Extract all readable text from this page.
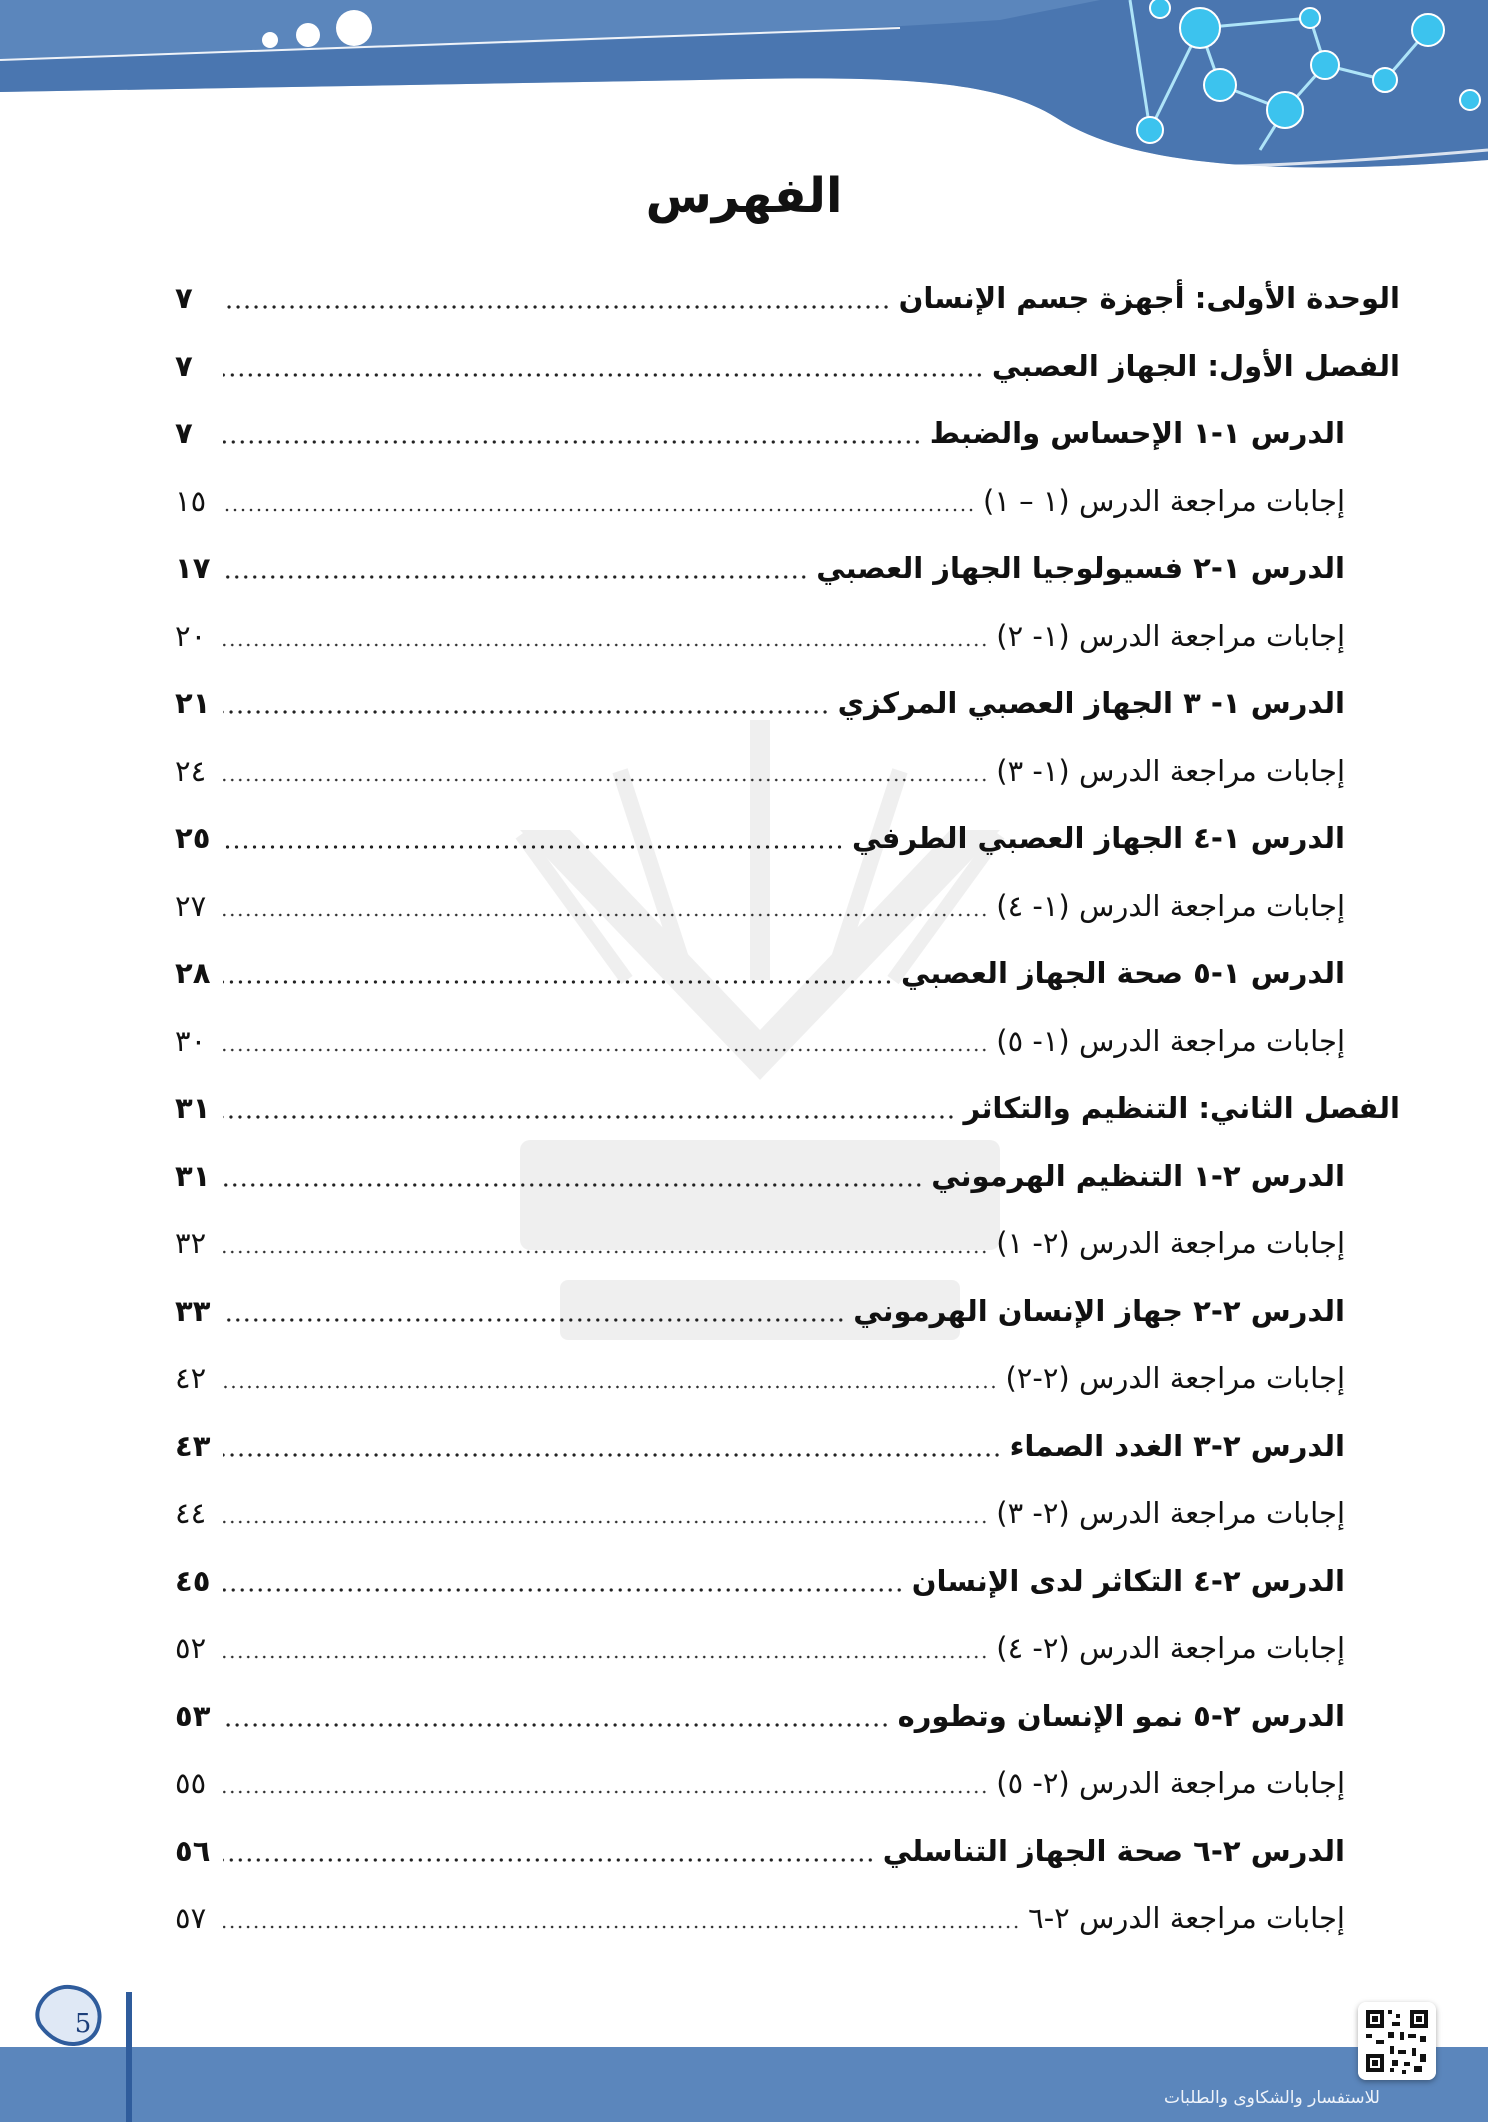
الفهرس
الوحدة الأولى: أجهزة جسم الإنسان
٧
الفصل الأول: الجهاز العصبي
٧
الدرس ١-١ الإحساس والضبط
٧
إجابات مراجعة الدرس (١ – ١)
١٥
الدرس ١-٢ فسيولوجيا الجهاز العصبي
١٧
إجابات مراجعة الدرس (١- ٢)
٢٠
الدرس ١- ٣ الجهاز العصبي المركزي
٢١
إجابات مراجعة الدرس (١- ٣)
٢٤
الدرس ١-٤ الجهاز العصبي الطرفي
٢٥
إجابات مراجعة الدرس (١- ٤)
٢٧
الدرس ١-٥ صحة الجهاز العصبي
٢٨
إجابات مراجعة الدرس (١- ٥)
٣٠
الفصل الثاني: التنظيم والتكاثر
٣١
الدرس ٢-١ التنظيم الهرموني
٣١
إجابات مراجعة الدرس (٢- ١)
٣٢
الدرس ٢-٢ جهاز الإنسان الهرموني
٣٣
إجابات مراجعة الدرس (٢-٢)
٤٢
الدرس ٢-٣ الغدد الصماء
٤٣
إجابات مراجعة الدرس (٢- ٣)
٤٤
الدرس ٢-٤ التكاثر لدى الإنسان
٤٥
إجابات مراجعة الدرس (٢- ٤)
٥٢
الدرس ٢-٥ نمو الإنسان وتطوره
٥٣
إجابات مراجعة الدرس (٢- ٥)
٥٥
الدرس ٢-٦ صحة الجهاز التناسلي
٥٦
إجابات مراجعة الدرس ٢-٦
٥٧
للاستفسار والشكاوى والطلبات
5
